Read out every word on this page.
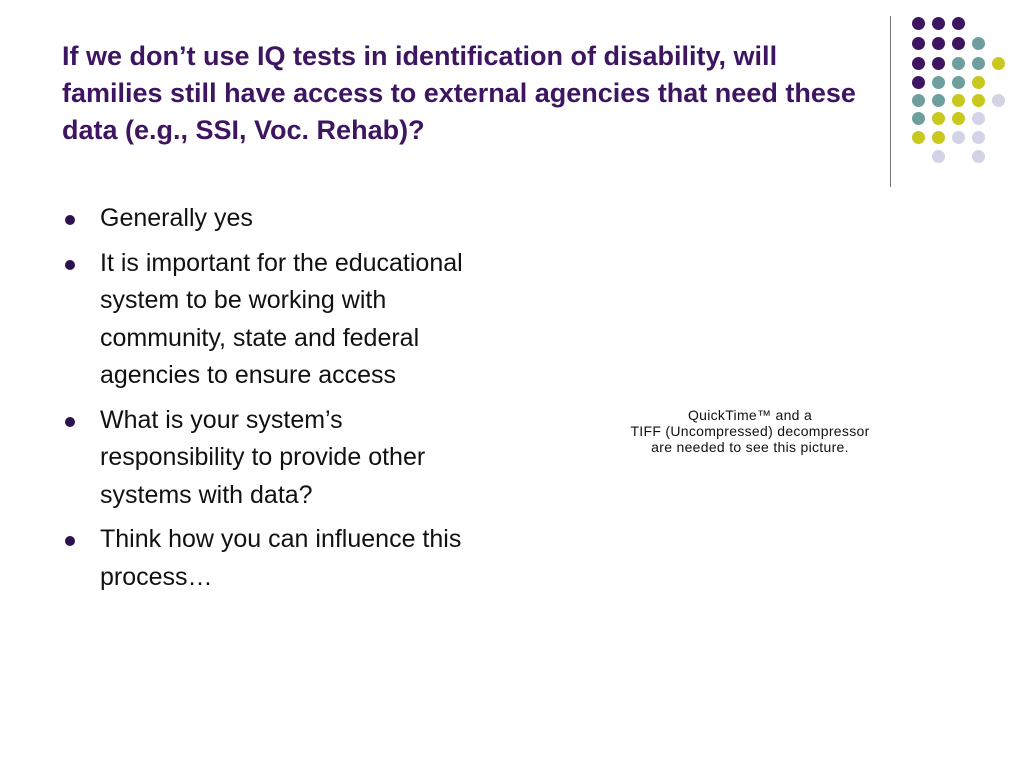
If we don’t use IQ tests in identification of disability, will families still have access to external agencies that need these data (e.g., SSI, Voc. Rehab)?
Generally yes
It is important for the educational system to be working with community, state and federal agencies to ensure access
What is your system’s responsibility to provide other systems with data?
Think how you can influence this process…
QuickTime™ and a
TIFF (Uncompressed) decompressor
are needed to see this picture.
